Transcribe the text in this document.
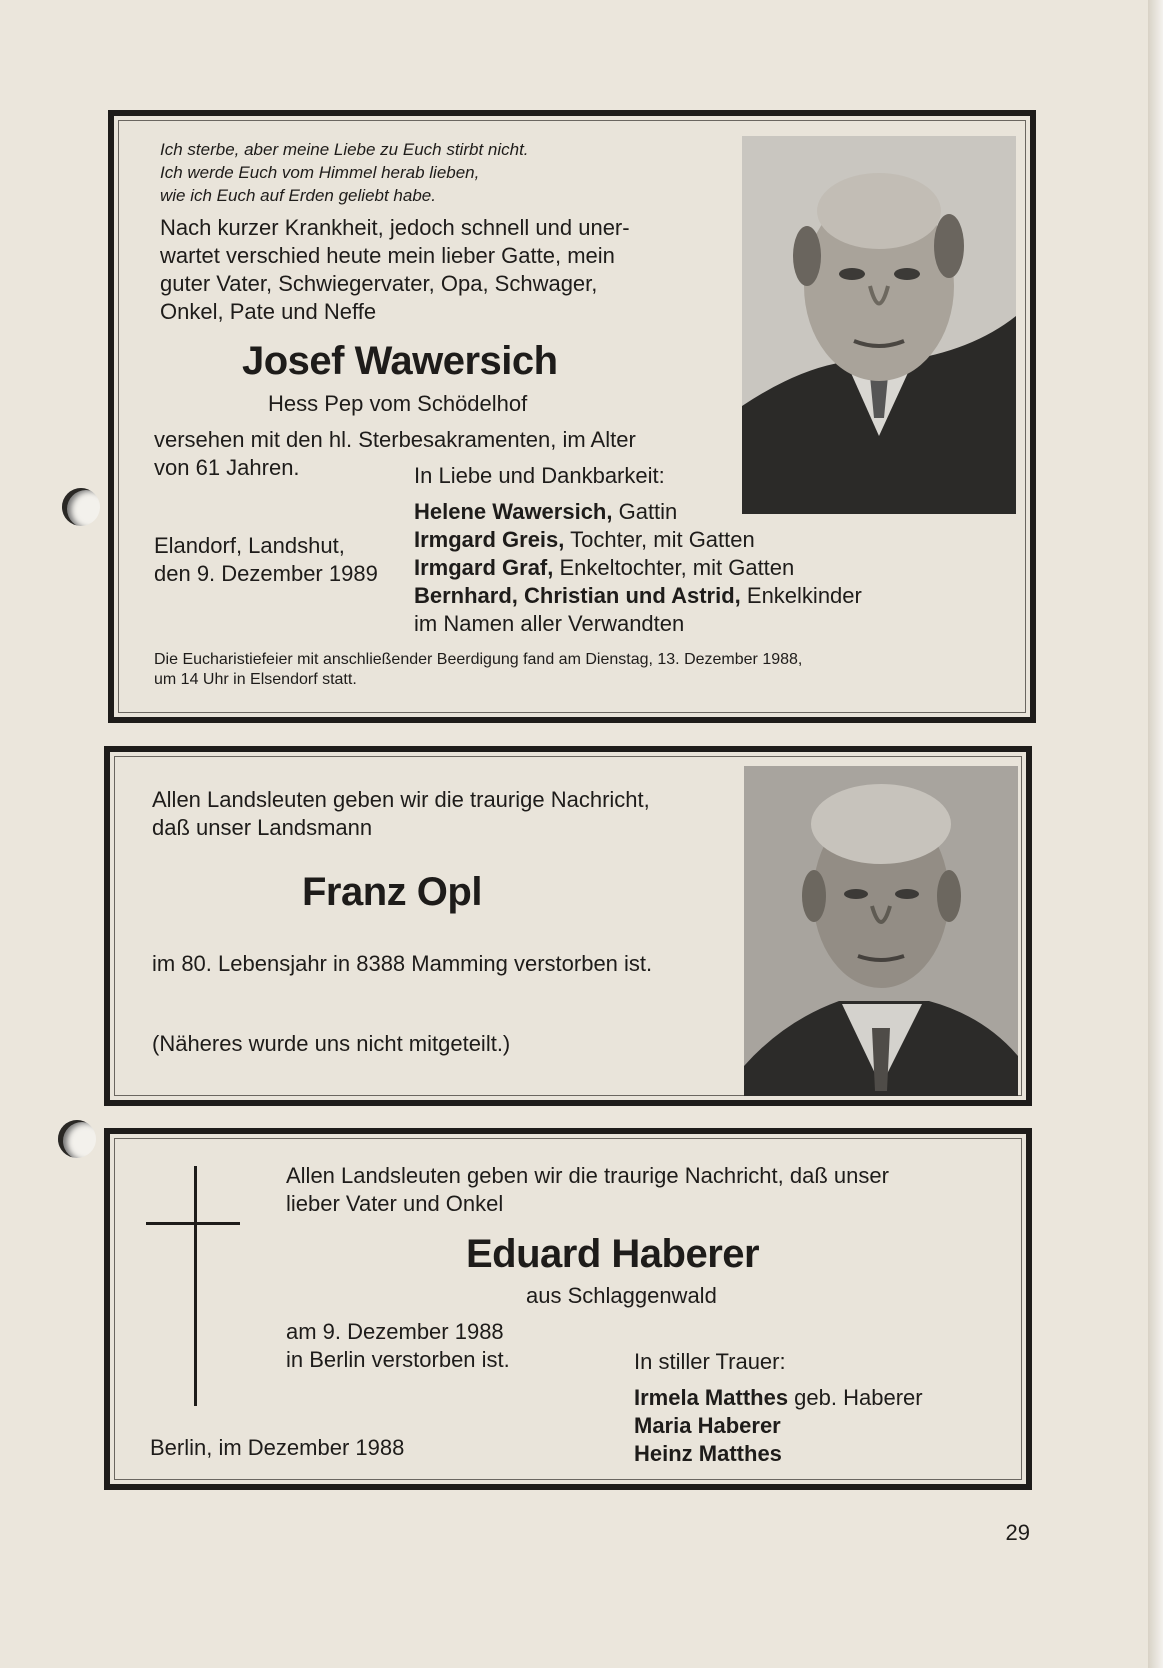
Ich sterbe, aber meine Liebe zu Euch stirbt nicht.
Ich werde Euch vom Himmel herab lieben,
wie ich Euch auf Erden geliebt habe.
Nach kurzer Krankheit, jedoch schnell und uner-
wartet verschied heute mein lieber Gatte, mein
guter Vater, Schwiegervater, Opa, Schwager,
Onkel, Pate und Neffe
Josef Wawersich
Hess Pep vom Schödelhof
versehen mit den hl. Sterbesakramenten, im Alter
von 61 Jahren.	In Liebe und Dankbarkeit:
Helene Wawersich, Gattin
Irmgard Greis, Tochter, mit Gatten
Irmgard Graf, Enkeltochter, mit Gatten
Bernhard, Christian und Astrid, Enkelkinder
im Namen aller Verwandten
Elandorf, Landshut,
den 9. Dezember 1989
Die Eucharistiefeier mit anschließender Beerdigung fand am Dienstag, 13. Dezember 1988,
um 14 Uhr in Elsendorf statt.
Allen Landsleuten geben wir die traurige Nachricht,
daß unser Landsmann
Franz Opl
im 80. Lebensjahr in 8388 Mamming verstorben ist.
(Näheres wurde uns nicht mitgeteilt.)
Allen Landsleuten geben wir die traurige Nachricht, daß unser
lieber Vater und Onkel
Eduard Haberer
aus Schlaggenwald
am 9. Dezember 1988
in Berlin verstorben ist.	In stiller Trauer:
Irmela Matthes geb. Haberer
Maria Haberer
Heinz Matthes
Berlin, im Dezember 1988
29
